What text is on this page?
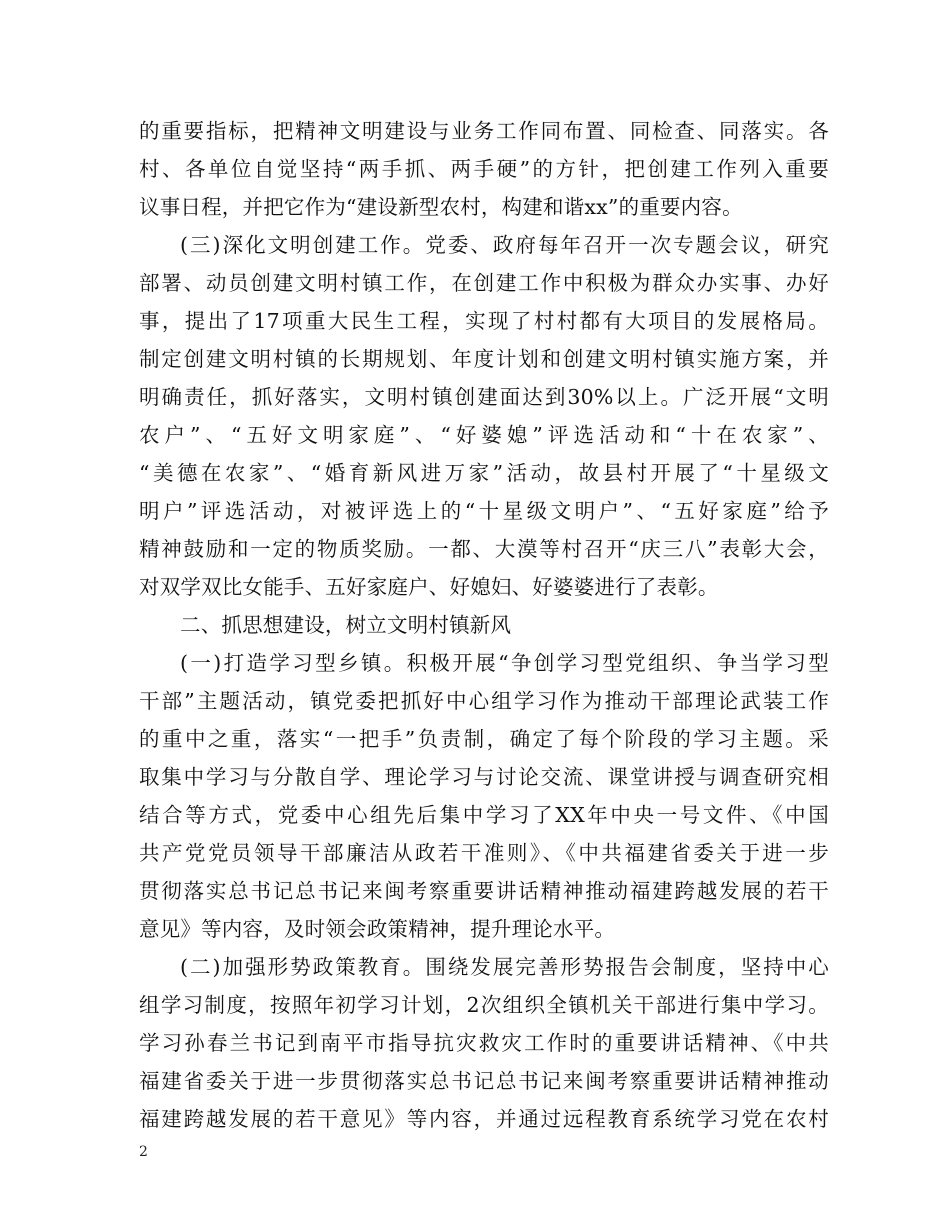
的重要指标，把精神文明建设与业务工作同布置、同检查、同落实。各
村、各单位自觉坚持“两手抓、两手硬”的方针，把创建工作列入重要
议事日程，并把它作为“建设新型农村，构建和谐xx”的重要内容。
(三)深化文明创建工作。党委、政府每年召开一次专题会议，研究
部署、动员创建文明村镇工作，在创建工作中积极为群众办实事、办好
事，提出了17项重大民生工程，实现了村村都有大项目的发展格局。
制定创建文明村镇的长期规划、年度计划和创建文明村镇实施方案，并
明确责任，抓好落实，文明村镇创建面达到30%以上。广泛开展“文明
农户”、“五好文明家庭”、“好婆媳”评选活动和“十在农家”、
“美德在农家”、“婚育新风进万家”活动，故县村开展了“十星级文
明户”评选活动，对被评选上的“十星级文明户”、“五好家庭”给予
精神鼓励和一定的物质奖励。一都、大漠等村召开“庆三八”表彰大会，
对双学双比女能手、五好家庭户、好媳妇、好婆婆进行了表彰。
二、抓思想建设，树立文明村镇新风
(一)打造学习型乡镇。积极开展“争创学习型党组织、争当学习型
干部”主题活动，镇党委把抓好中心组学习作为推动干部理论武装工作
的重中之重，落实“一把手”负责制，确定了每个阶段的学习主题。采
取集中学习与分散自学、理论学习与讨论交流、课堂讲授与调查研究相
结合等方式，党委中心组先后集中学习了XX年中央一号文件、《中国
共产党党员领导干部廉洁从政若干准则》、《中共福建省委关于进一步
贯彻落实总书记总书记来闽考察重要讲话精神推动福建跨越发展的若干
意见》等内容，及时领会政策精神，提升理论水平。
(二)加强形势政策教育。围绕发展完善形势报告会制度，坚持中心
组学习制度，按照年初学习计划，2次组织全镇机关干部进行集中学习。
学习孙春兰书记到南平市指导抗灾救灾工作时的重要讲话精神、《中共
福建省委关于进一步贯彻落实总书记总书记来闽考察重要讲话精神推动
福建跨越发展的若干意见》等内容，并通过远程教育系统学习党在农村
2
